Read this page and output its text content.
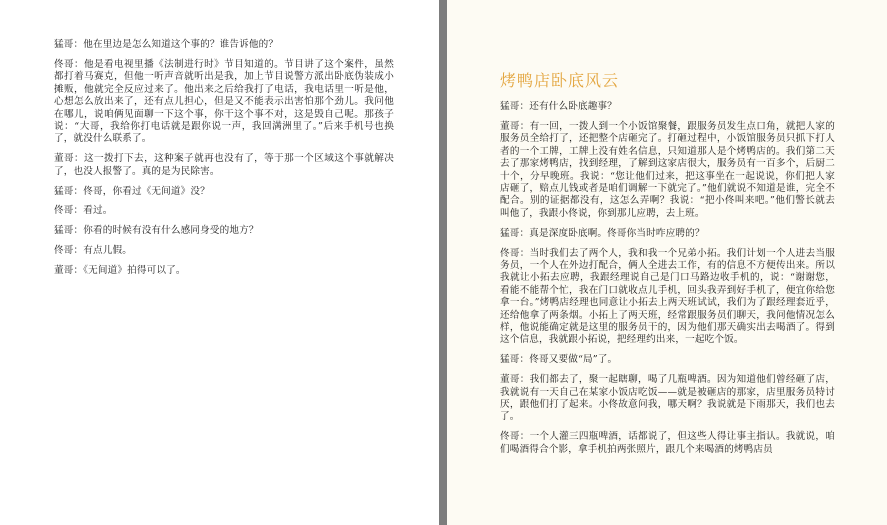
猛哥：他在里边是怎么知道这个事的？谁告诉他的？

佟哥：他是看电视里播《法制进行时》节目知道的。节目讲了这个案件，虽然都打着马赛克，但他一听声音就听出是我，加上节目说警方派出卧底伪装成小摊贩，他就完全反应过来了。他出来之后给我打了电话，我电话里一听是他，心想怎么放出来了，还有点儿担心，但是又不能表示出害怕那个劲儿。我问他在哪儿，说咱俩见面聊一下这个事，你干这个事不对，这是毁自己呢。那孩子说：“大哥，我给你打电话就是跟你说一声，我回满洲里了。”后来手机号也换了，就没什么联系了。

董哥：这一拨打下去，这种案子就再也没有了，等于那一个区域这个事就解决了，也没人报警了。真的是为民除害。

猛哥：佟哥，你看过《无间道》没？

佟哥：看过。

猛哥：你看的时候有没有什么感同身受的地方？

佟哥：有点儿假。

董哥：《无间道》拍得可以了。

烤鸭店卧底风云

猛哥：还有什么卧底趣事？

董哥：有一回，一拨人到一个小饭馆聚餐，跟服务员发生点口角，就把人家的服务员全给打了，还把整个店砸完了。打砸过程中，小饭馆服务员只抓下打人者的一个工牌，工牌上没有姓名信息，只知道那人是个烤鸭店的。我们第二天去了那家烤鸭店，找到经理，了解到这家店很大，服务员有一百多个，后厨二十个，分早晚班。我说：“您让他们过来，把这事坐在一起说说，你们把人家店砸了，赔点儿钱或者是咱们调解一下就完了。”他们就说不知道是谁，完全不配合。别的证据都没有，这怎么弄啊？我说：“把小佟叫来吧。”他们警长就去叫他了，我跟小佟说，你到那儿应聘，去上班。

猛哥：真是深度卧底啊。佟哥你当时咋应聘的？

佟哥：当时我们去了两个人，我和我一个兄弟小拓。我们计划一个人进去当服务员，一个人在外边打配合，俩人全进去工作，有的信息不方便传出来。所以我就让小拓去应聘，我跟经理说自己是门口马路边收手机的，说：“谢谢您，看能不能帮个忙，我在门口就收点儿手机，回头我弄到好手机了，便宜你给您拿一台。”烤鸭店经理也同意让小拓去上两天班试试，我们为了跟经理套近乎，还给他拿了两条烟。小拓上了两天班，经常跟服务员们聊天，我问他情况怎么样，他说能确定就是这里的服务员干的，因为他们那天确实出去喝酒了。得到这个信息，我就跟小拓说，把经理约出来，一起吃个饭。

猛哥：佟哥又要做“局”了。

董哥：我们都去了，聚一起瞎聊，喝了几瓶啤酒。因为知道他们曾经砸了店，我就说有一天自己在某家小饭店吃饭——就是被砸店的那家，店里服务员特讨厌，跟他们打了起来。小佟故意问我，哪天啊？我说就是下雨那天，我们也去了。

佟哥：一个人灌三四瓶啤酒，话都说了，但这些人得让事主指认。我就说，咱们喝酒得合个影，拿手机拍两张照片，跟几个来喝酒的烤鸭店员
